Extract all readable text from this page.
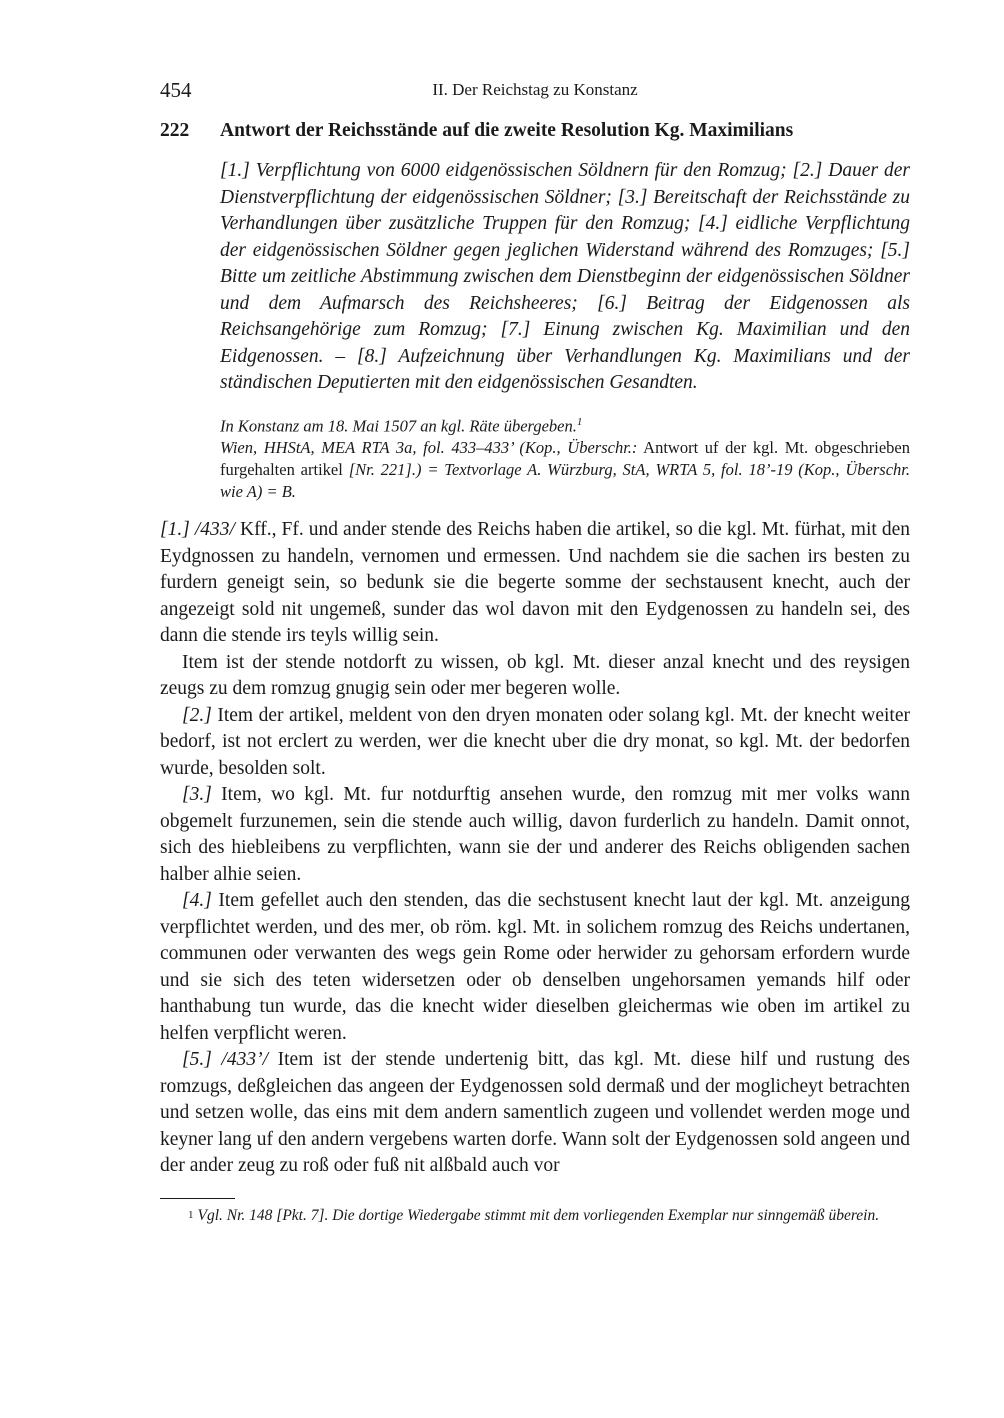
454	II. Der Reichstag zu Konstanz
222	Antwort der Reichsstände auf die zweite Resolution Kg. Maximilians
[1.] Verpflichtung von 6000 eidgenössischen Söldnern für den Romzug; [2.] Dauer der Dienstverpflichtung der eidgenössischen Söldner; [3.] Bereitschaft der Reichsstände zu Verhandlungen über zusätzliche Truppen für den Romzug; [4.] eidliche Verpflichtung der eidgenössischen Söldner gegen jeglichen Widerstand während des Romzuges; [5.] Bitte um zeitliche Abstimmung zwischen dem Dienstbeginn der eidgenössischen Söldner und dem Aufmarsch des Reichsheeres; [6.] Beitrag der Eidgenossen als Reichsangehörige zum Romzug; [7.] Einung zwischen Kg. Maximilian und den Eidgenossen. – [8.] Aufzeichnung über Verhandlungen Kg. Maximilians und der ständischen Deputierten mit den eidgenössischen Gesandten.
In Konstanz am 18. Mai 1507 an kgl. Räte übergeben.$^1$
Wien, HHStA, MEA RTA 3a, fol. 433–433’ (Kop., Überschr.: Antwort uf der kgl. Mt. obgeschrieben furgehalten artikel [Nr. 221].) = Textvorlage A. Würzburg, StA, WRTA 5, fol. 18’-19 (Kop., Überschr. wie A) = B.

[1.] /433/ Kff., Ff. und ander stende des Reichs haben die artikel, so die kgl. Mt. fürhat, mit den Eydgnossen zu handeln, vernomen und ermessen. Und nachdem sie die sachen irs besten zu furdern geneigt sein, so bedunk sie die begerte somme der sechstausent knecht, auch der angezeigt sold nit ungemeß, sunder das wol davon mit den Eydgenossen zu handeln sei, des dann die stende irs teyls willig sein.

Item ist der stende notdorft zu wissen, ob kgl. Mt. dieser anzal knecht und des reysigen zeugs zu dem romzug gnugig sein oder mer begeren wolle.

[2.] Item der artikel, meldent von den dryen monaten oder solang kgl. Mt. der knecht weiter bedorf, ist not erclert zu werden, wer die knecht uber die dry monat, so kgl. Mt. der bedorfen wurde, besolden solt.

[3.] Item, wo kgl. Mt. fur notdurftig ansehen wurde, den romzug mit mer volks wann obgemelt furzunemen, sein die stende auch willig, davon furderlich zu handeln. Damit onnot, sich des hiebleibens zu verpflichten, wann sie der und anderer des Reichs obligenden sachen halber alhie seien.

[4.] Item gefellet auch den stenden, das die sechstusent knecht laut der kgl. Mt. anzeigung verpflichtet werden, und des mer, ob röm. kgl. Mt. in solichem romzug des Reichs undertanen, communen oder verwanten des wegs gein Rome oder herwider zu gehorsam erfordern wurde und sie sich des teten widersetzen oder ob denselben ungehorsamen yemands hilf oder hanthabung tun wurde, das die knecht wider dieselben gleichermas wie oben im artikel zu helfen verpflicht weren.

[5.] /433’/ Item ist der stende undertenig bitt, das kgl. Mt. diese hilf und rustung des romzugs, deßgleichen das angeen der Eydgenossen sold dermaß und der moglicheyt betrachten und setzen wolle, das eins mit dem andern samentlich zugeen und vollendet werden moge und keyner lang uf den andern vergebens warten dorfe. Wann solt der Eydgenossen sold angeen und der ander zeug zu roß oder fuß nit alßbald auch vor

$^1$ Vgl. Nr. 148 [Pkt. 7]. Die dortige Wiedergabe stimmt mit dem vorliegenden Exemplar nur sinngemäß überein.
